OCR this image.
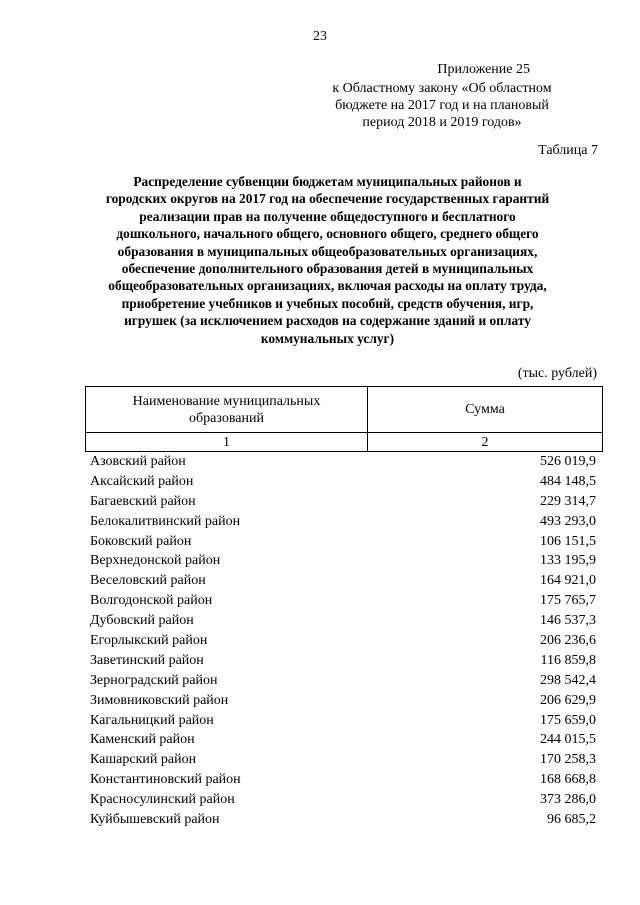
23
Приложение 25
к Областному закону «Об областном
бюджете на 2017 год и на плановый
период 2018 и 2019 годов»
Таблица 7
Распределение субвенции бюджетам муниципальных районов и
городских округов на 2017 год на обеспечение государственных гарантий
реализации прав на получение общедоступного и бесплатного
дошкольного, начального общего, основного общего, среднего общего
образования в муниципальных общеобразовательных организациях,
обеспечение дополнительного образования детей в муниципальных
общеобразовательных организациях, включая расходы на оплату труда,
приобретение учебников и учебных пособий, средств обучения, игр,
игрушек (за исключением расходов на содержание зданий и оплату
коммунальных услуг)
(тыс. рублей)
Наименование муниципальных
образований	Сумма
1	2
Азовский район	526 019,9
Аксайский район	484 148,5
Багаевский район	229 314,7
Белокалитвинский район	493 293,0
Боковский район	106 151,5
Верхнедонской район	133 195,9
Веселовский район	164 921,0
Волгодонской район	175 765,7
Дубовский район	146 537,3
Егорлыкский район	206 236,6
Заветинский район	116 859,8
Зерноградский район	298 542,4
Зимовниковский район	206 629,9
Кагальницкий район	175 659,0
Каменский район	244 015,5
Кашарский район	170 258,3
Константиновский район	168 668,8
Красносулинский район	373 286,0
Куйбышевский район	96 685,2
